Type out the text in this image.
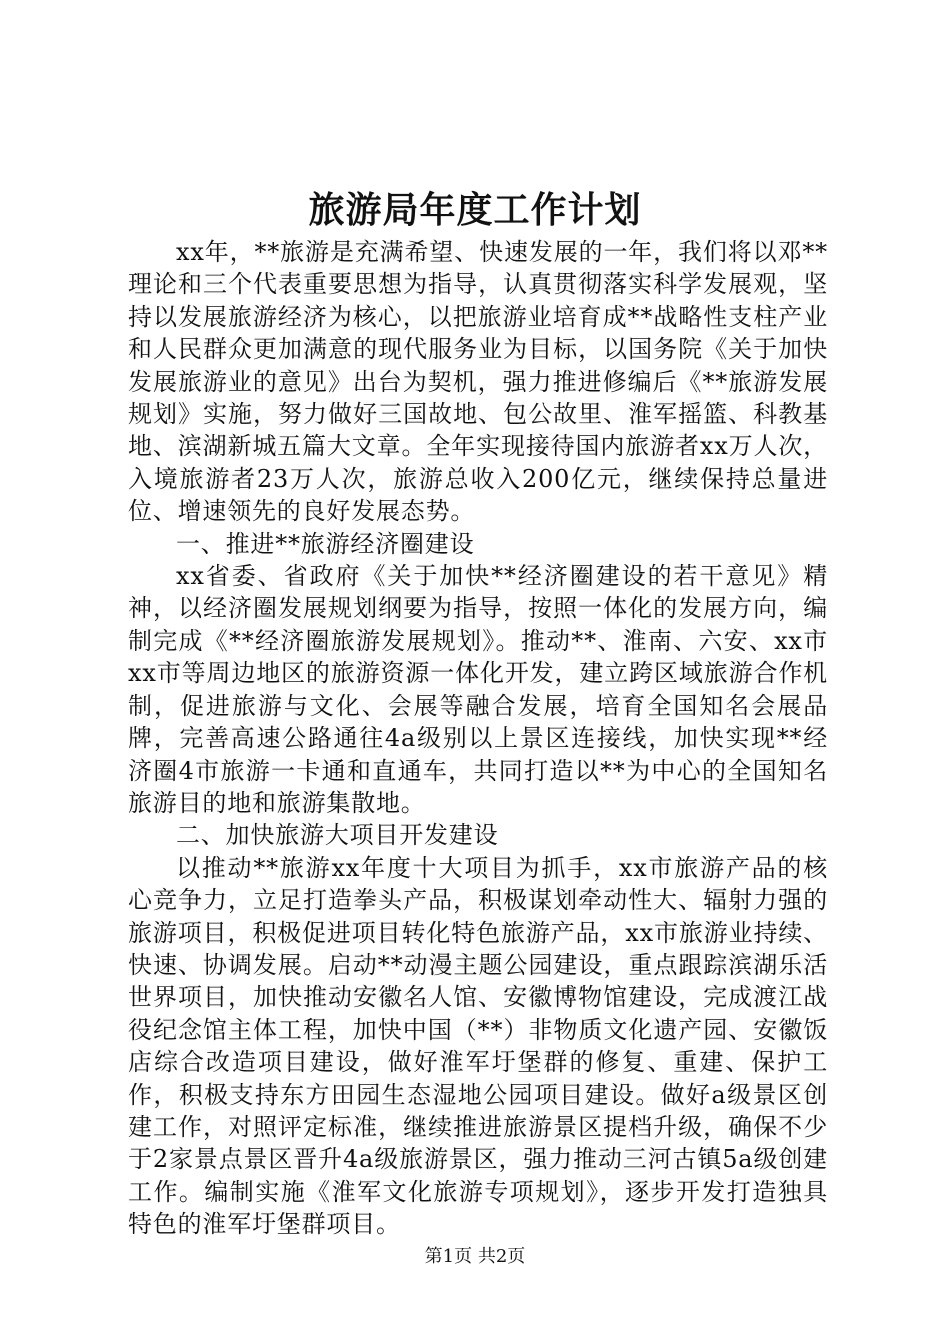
旅游局年度工作计划

xx年，**旅游是充满希望、快速发展的一年，我们将以邓**理论和三个代表重要思想为指导，认真贯彻落实科学发展观，坚持以发展旅游经济为核心，以把旅游业培育成**战略性支柱产业和人民群众更加满意的现代服务业为目标，以国务院《关于加快发展旅游业的意见》出台为契机，强力推进修编后《**旅游发展规划》实施，努力做好三国故地、包公故里、淮军摇篮、科教基地、滨湖新城五篇大文章。全年实现接待国内旅游者xx万人次，入境旅游者23万人次，旅游总收入200亿元，继续保持总量进位、增速领先的良好发展态势。

一、推进**旅游经济圈建设

xx省委、省政府《关于加快**经济圈建设的若干意见》精神，以经济圈发展规划纲要为指导，按照一体化的发展方向，编制完成《**经济圈旅游发展规划》。推动**、淮南、六安、xx市xx市等周边地区的旅游资源一体化开发，建立跨区域旅游合作机制，促进旅游与文化、会展等融合发展，培育全国知名会展品牌，完善高速公路通往4a级别以上景区连接线，加快实现**经济圈4市旅游一卡通和直通车，共同打造以**为中心的全国知名旅游目的地和旅游集散地。

二、加快旅游大项目开发建设

以推动**旅游xx年度十大项目为抓手，xx市旅游产品的核心竞争力，立足打造拳头产品，积极谋划牵动性大、辐射力强的旅游项目，积极促进项目转化特色旅游产品，xx市旅游业持续、快速、协调发展。启动**动漫主题公园建设，重点跟踪滨湖乐活世界项目，加快推动安徽名人馆、安徽博物馆建设，完成渡江战役纪念馆主体工程，加快中国（**）非物质文化遗产园、安徽饭店综合改造项目建设，做好淮军圩堡群的修复、重建、保护工作，积极支持东方田园生态湿地公园项目建设。做好a级景区创建工作，对照评定标准，继续推进旅游景区提档升级，确保不少于2家景点景区晋升4a级旅游景区，强力推动三河古镇5a级创建工作。编制实施《淮军文化旅游专项规划》，逐步开发打造独具特色的淮军圩堡群项目。

第1页 共2页
